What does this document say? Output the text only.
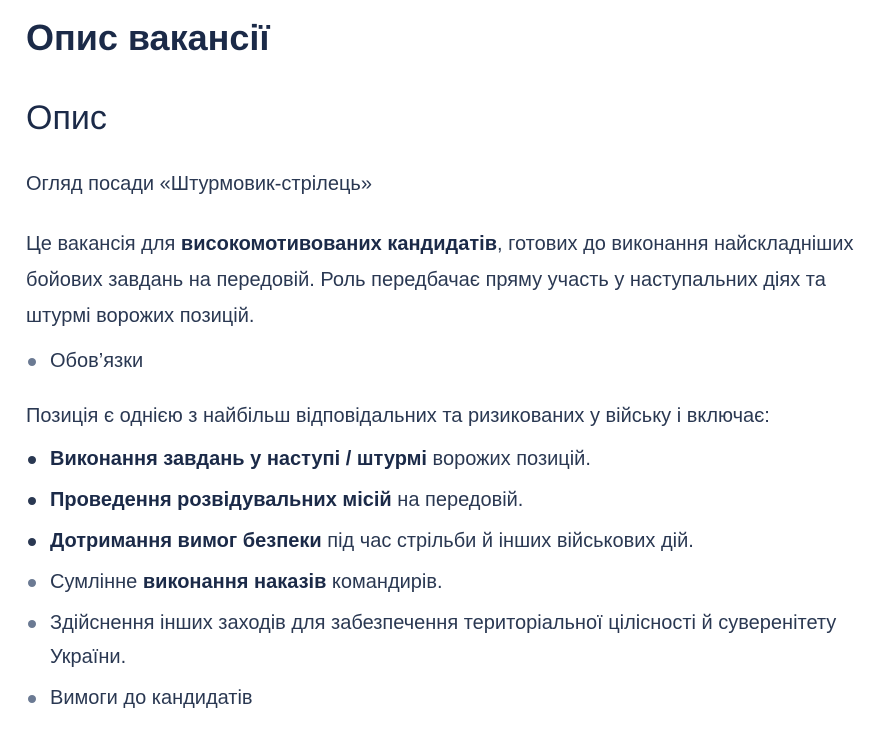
Опис вакансії
Опис

Огляд посади «Штурмовик-стрілець»

Це вакансія для високомотивованих кандидатів, готових до виконання найскладніших бойових завдань на передовій. Роль передбачає пряму участь у наступальних діях та штурмі ворожих позицій.

Обов’язки

Позиція є однією з найбільш відповідальних та ризикованих у війську і включає:

Виконання завдань у наступі / штурмі ворожих позицій.
Проведення розвідувальних місій на передовій.
Дотримання вимог безпеки під час стрільби й інших військових дій.
Сумлінне виконання наказів командирів.
Здійснення інших заходів для забезпечення територіальної цілісності й суверенітету України.
Вимоги до кандидатів
